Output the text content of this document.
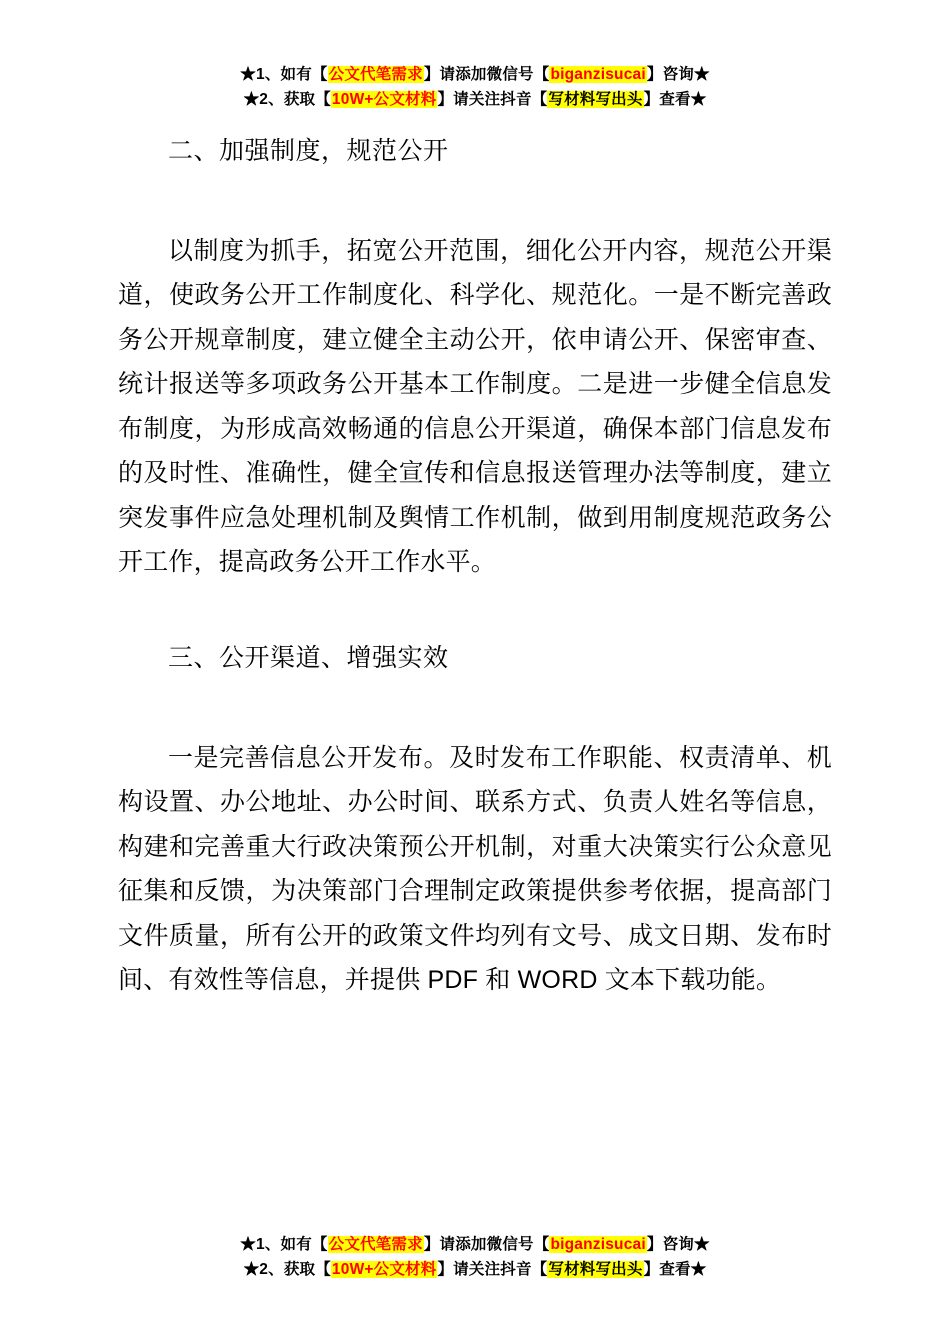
★1、如有【公文代笔需求】请添加微信号【biganzisucai】咨询★
★2、获取【10W+公文材料】请关注抖音【写材料写出头】查看★

二、加强制度，规范公开

以制度为抓手，拓宽公开范围，细化公开内容，规范公开渠道，使政务公开工作制度化、科学化、规范化。一是不断完善政务公开规章制度，建立健全主动公开，依申请公开、保密审查、统计报送等多项政务公开基本工作制度。二是进一步健全信息发布制度，为形成高效畅通的信息公开渠道，确保本部门信息发布的及时性、准确性，健全宣传和信息报送管理办法等制度，建立突发事件应急处理机制及舆情工作机制，做到用制度规范政务公开工作，提高政务公开工作水平。

三、公开渠道、增强实效

一是完善信息公开发布。及时发布工作职能、权责清单、机构设置、办公地址、办公时间、联系方式、负责人姓名等信息，构建和完善重大行政决策预公开机制，对重大决策实行公众意见征集和反馈，为决策部门合理制定政策提供参考依据，提高部门文件质量，所有公开的政策文件均列有文号、成文日期、发布时间、有效性等信息，并提供 PDF 和 WORD 文本下载功能。

★1、如有【公文代笔需求】请添加微信号【biganzisucai】咨询★
★2、获取【10W+公文材料】请关注抖音【写材料写出头】查看★
